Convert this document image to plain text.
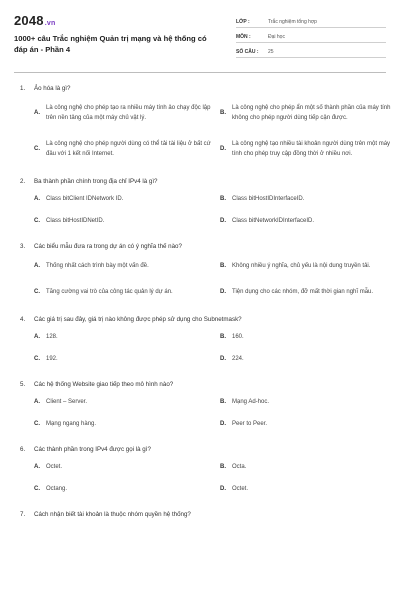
2048.vn
1000+ câu Trắc nghiệm Quản trị mạng và hệ thống có đáp án - Phần 4
LỚP :	Trắc nghiệm tổng hợp
MÔN :	Đại học
SỐ CÂU :	25
1.	Ảo hóa là gì?
A.
Là công nghệ cho phép tạo ra nhiều máy tính ảo chạy độc lập trên nền tảng của một máy chủ vật lý.
B.
Là công nghệ cho phép ẩn một số thành phần của máy tính không cho phép người dùng tiếp cận được.
C.
Là công nghệ cho phép người dùng có thể tải tài liệu ở bất cứ đâu với 1 kết nối Internet.
D.
Là công nghệ tạo nhiều tài khoản người dùng trên một máy tính cho phép truy cập đồng thời ở nhiều nơi.
2.	Ba thành phần chính trong địa chỉ IPv4 là gì?
A.	Class bitClient IDNetwork ID.	B.	Class bitHostIDInterfaceID.
C.	Class bitHostIDNetID.	D.	Class bitNetworkIDInterfaceID.
3.	Các biểu mẫu đưa ra trong dự án có ý nghĩa thế nào?
A.	Thống nhất cách trình bày một vấn đề.	B.	Không nhiều ý nghĩa, chủ yếu là nội dung truyền tải.
C.	Tăng cường vai trò của công tác quản lý dự án.	D.	Tiện dụng cho các nhóm, đỡ mất thời gian nghĩ mẫu.
4.	Các giá trị sau đây, giá trị nào không được phép sử dụng cho Subnetmask?
A.	128.	B.	160.
C.	192.	D.	224.
5.	Các hệ thống Website giao tiếp theo mô hình nào?
A.	Client – Server.	B.	Mạng Ad-hoc.
C.	Mạng ngang hàng.	D.	Peer to Peer.
6.	Các thành phần trong IPv4 được gọi là gì?
A.	Octet.	B.	Octa.
C.	Octang.	D.	Octet.
7.	Cách nhận biết tài khoản là thuộc nhóm quyền hệ thống?
